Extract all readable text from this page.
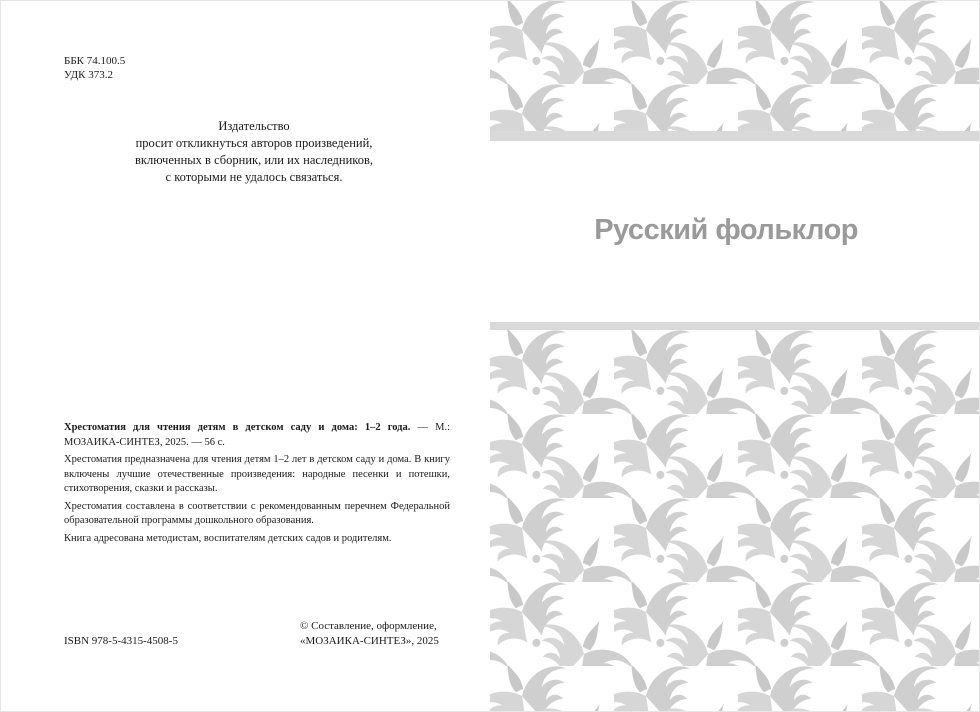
ББК 74.100.5
УДК 373.2
Издательство
просит откликнуться авторов произведений,
включенных в сборник, или их наследников,
с которыми не удалось связаться.

Хрестоматия для чтения детям в детском саду и дома: 1–2 года. — М.: МОЗАИКА-СИНТЕЗ, 2025. — 56 с.

Хрестоматия предназначена для чтения детям 1–2 лет в детском саду и дома. В книгу включены лучшие отечественные произведения: народные песенки и потешки, стихотворения, сказки и рассказы.

Хрестоматия составлена в соответствии с рекомендованным перечнем Федеральной образовательной программы дошкольного образования.

Книга адресована методистам, воспитателям детских садов и родителям.

ISBN 978-5-4315-4508-5
© Составление, оформление,
«МОЗАИКА-СИНТЕЗ», 2025
Русский фольклор
